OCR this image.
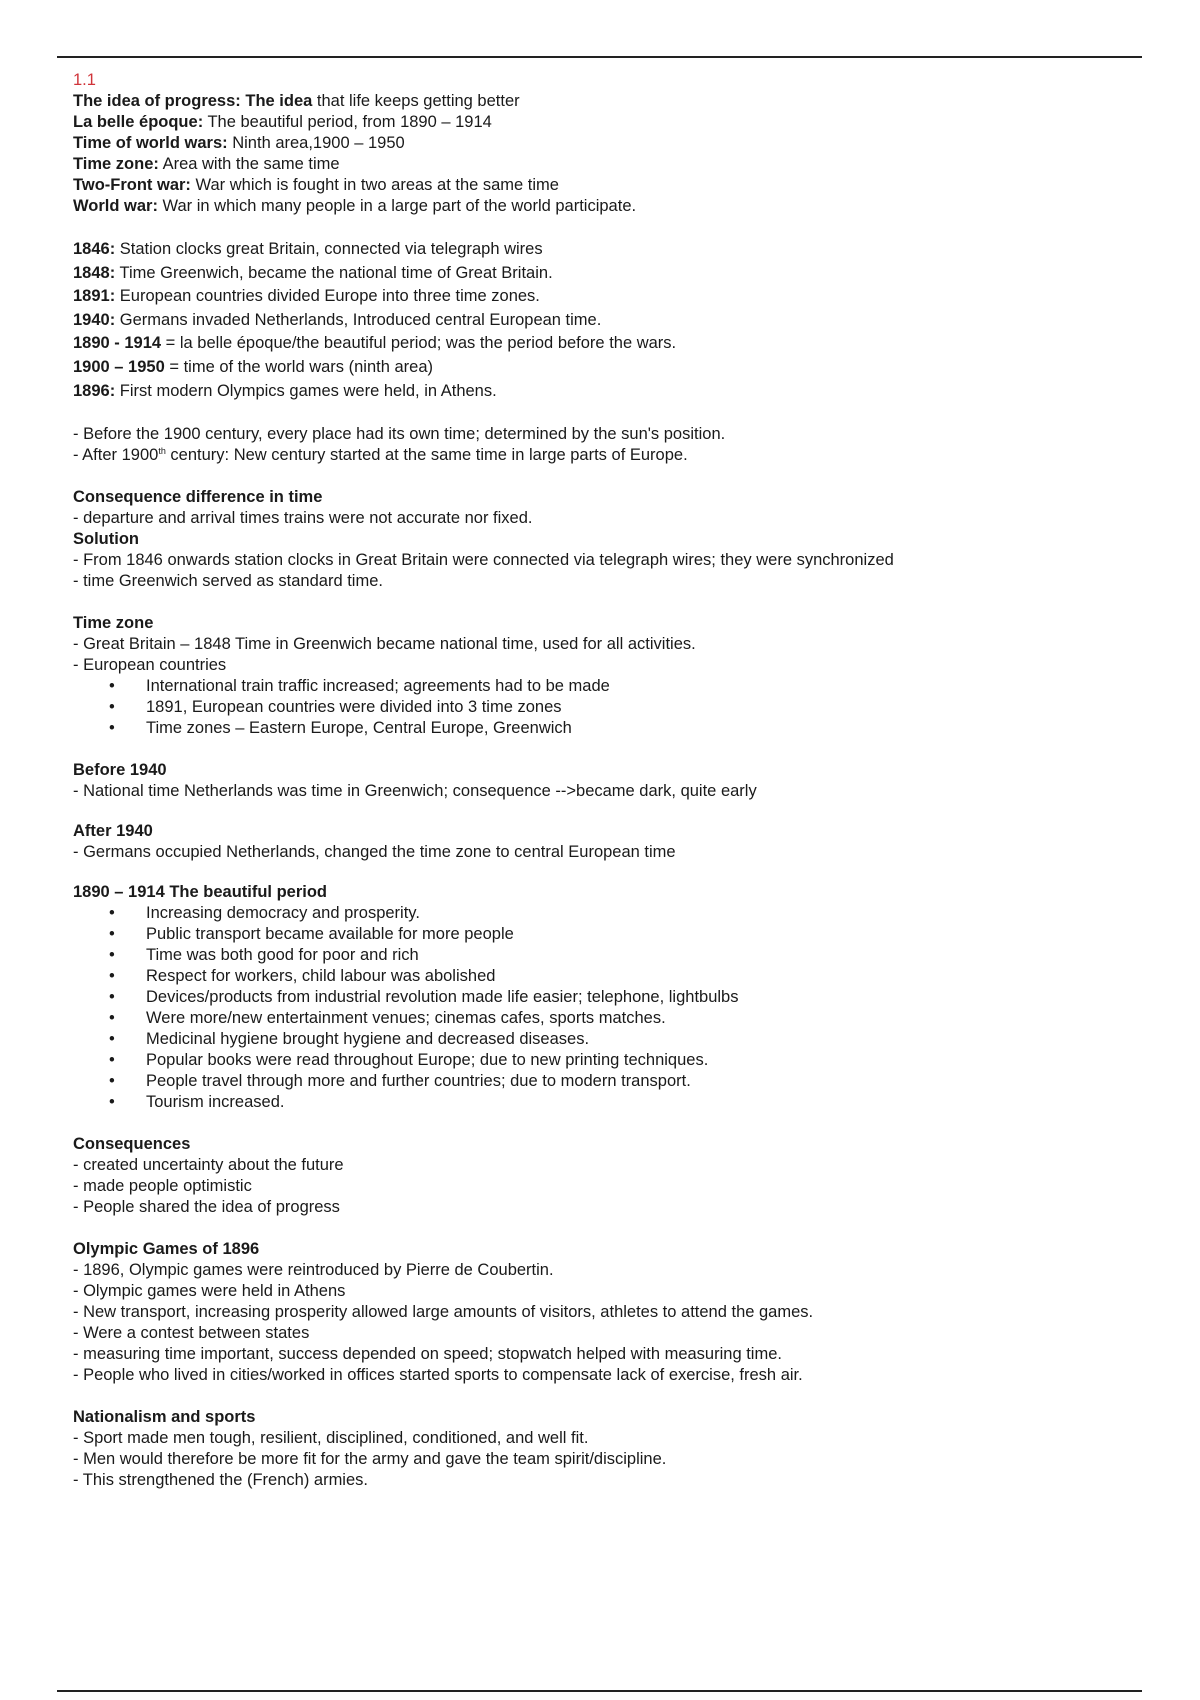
1.1

The idea of progress: The idea that life keeps getting better

La belle époque: The beautiful period, from 1890 – 1914

Time of world wars: Ninth area,1900 – 1950

Time zone: Area with the same time

Two-Front war: War which is fought in two areas at the same time

World war: War in which many people in a large part of the world participate.

1846: Station clocks great Britain, connected via telegraph wires

1848: Time Greenwich, became the national time of Great Britain.

1891: European countries divided Europe into three time zones.

1940: Germans invaded Netherlands, Introduced central European time.

1890 - 1914 = la belle époque/the beautiful period; was the period before the wars.

1900 – 1950 = time of the world wars (ninth area)

1896: First modern Olympics games were held, in Athens.

- Before the 1900 century, every place had its own time; determined by the sun's position.

- After 1900th century: New century started at the same time in large parts of Europe.

Consequence difference in time

- departure and arrival times trains were not accurate nor fixed.

Solution

- From 1846 onwards station clocks in Great Britain were connected via telegraph wires; they were synchronized

- time Greenwich served as standard time.

Time zone

- Great Britain – 1848 Time in Greenwich became national time, used for all activities.

- European countries

• International train traffic increased; agreements had to be made
• 1891, European countries were divided into 3 time zones
• Time zones – Eastern Europe, Central Europe, Greenwich

Before 1940

- National time Netherlands was time in Greenwich; consequence -->became dark, quite early

After 1940

- Germans occupied Netherlands, changed the time zone to central European time

1890 – 1914 The beautiful period

• Increasing democracy and prosperity.
• Public transport became available for more people
• Time was both good for poor and rich
• Respect for workers, child labour was abolished
• Devices/products from industrial revolution made life easier; telephone, lightbulbs
• Were more/new entertainment venues; cinemas cafes, sports matches.
• Medicinal hygiene brought hygiene and decreased diseases.
• Popular books were read throughout Europe; due to new printing techniques.
• People travel through more and further countries; due to modern transport.
• Tourism increased.

Consequences

- created uncertainty about the future

- made people optimistic

- People shared the idea of progress

Olympic Games of 1896

- 1896, Olympic games were reintroduced by Pierre de Coubertin.

- Olympic games were held in Athens

- New transport, increasing prosperity allowed large amounts of visitors, athletes to attend the games.

- Were a contest between states

- measuring time important, success depended on speed; stopwatch helped with measuring time.

- People who lived in cities/worked in offices started sports to compensate lack of exercise, fresh air.

Nationalism and sports

- Sport made men tough, resilient, disciplined, conditioned, and well fit.

- Men would therefore be more fit for the army and gave the team spirit/discipline.

- This strengthened the (French) armies.
